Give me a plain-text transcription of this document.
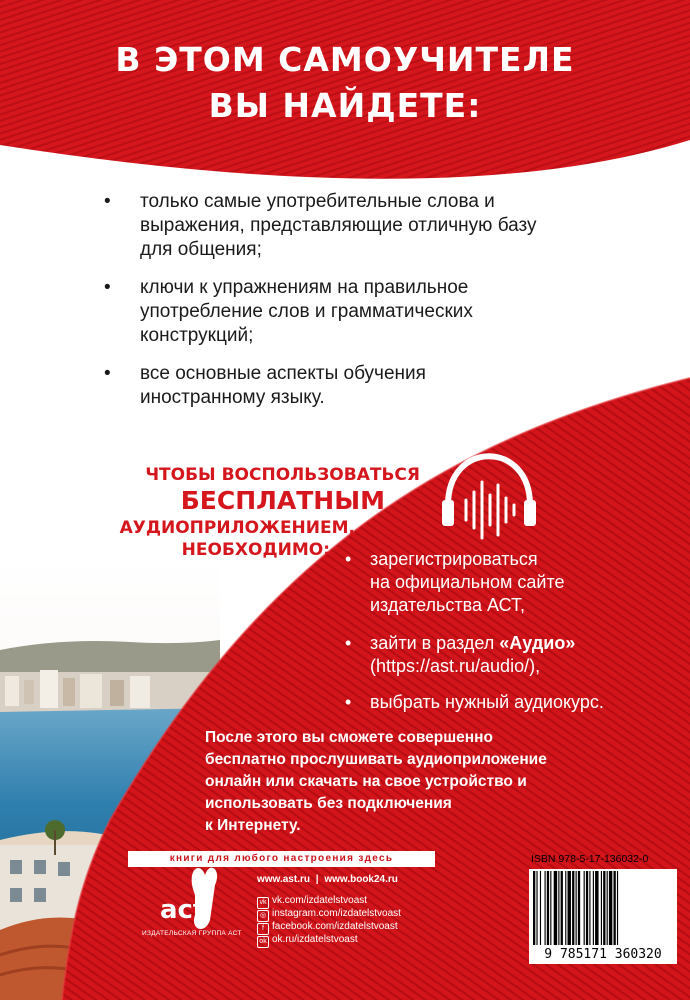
В ЭТОМ САМОУЧИТЕЛЕ
ВЫ НАЙДЕТЕ:
• только самые употребительные слова и
выражения, представляющие отличную базу
для общения;
• ключи к упражнениям на правильное
употребление слов и грамматических
конструкций;
• все основные аспекты обучения
иностранному языку.
ЧТОБЫ ВОСПОЛЬЗОВАТЬСЯ
БЕСПЛАТНЫМ
АУДИОПРИЛОЖЕНИЕМ,
НЕОБХОДИМО: • зарегистрироваться
на официальном сайте
издательства АСТ,
• зайти в раздел «Аудио»
(https://ast.ru/audio/),
• выбрать нужный аудиокурс.
После этого вы сможете совершенно
бесплатно прослушивать аудиоприложение
онлайн или скачать на свое устройство и
использовать без подключения
к Интернету.
книги для любого настроения здесь
аст
ИЗДАТЕЛЬСКАЯ ГРУППА АСТ
www.ast.ru | www.book24.ru
vk vk.com/izdatelstvoast
◎ instagram.com/izdatelstvoast
f facebook.com/izdatelstvoast
ok ok.ru/izdatelstvoast
ISBN 978-5-17-136032-0
9 785171 360320
